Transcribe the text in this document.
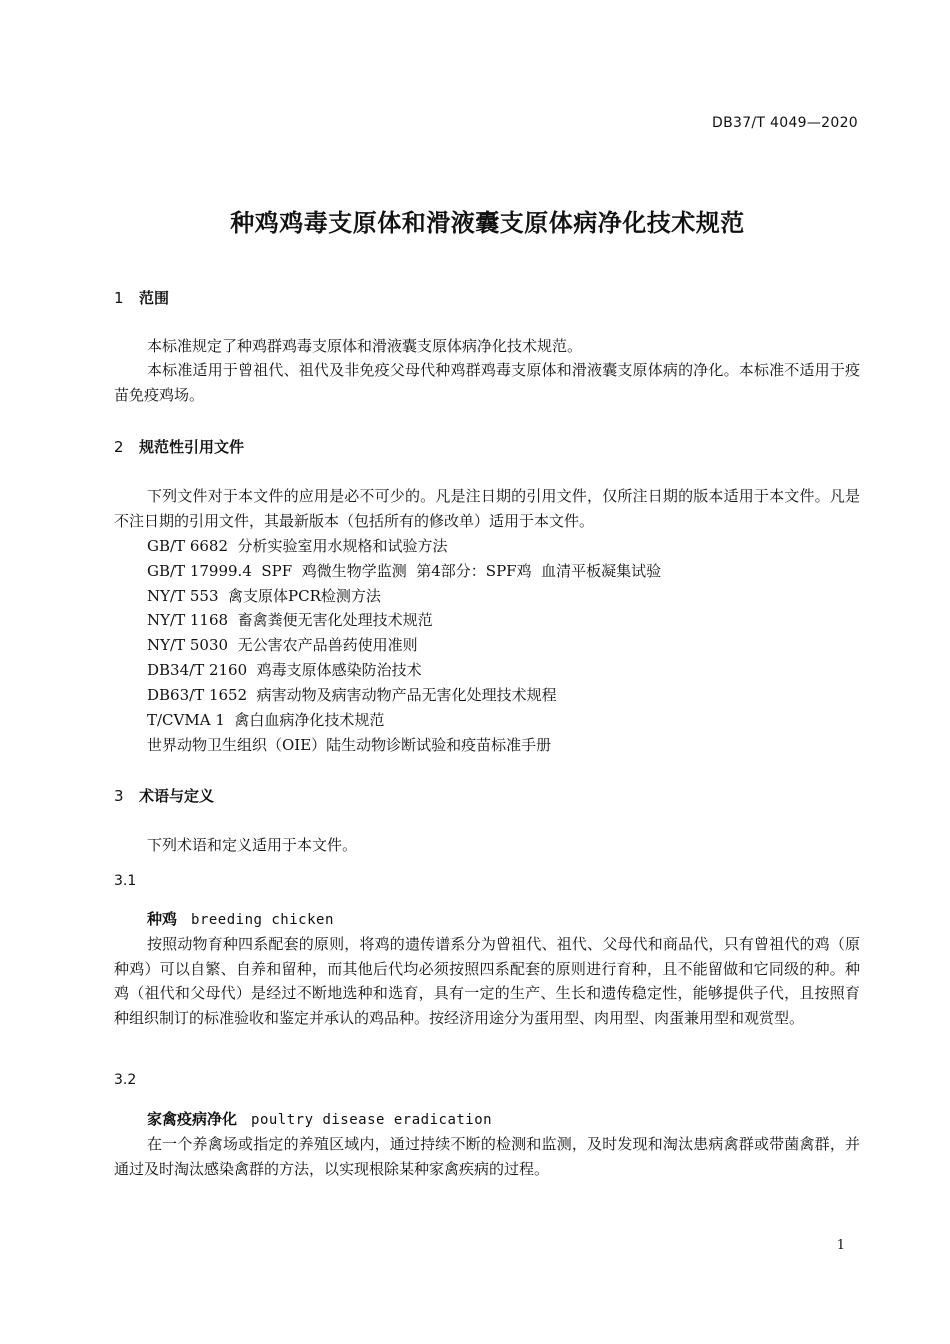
DB37/T 4049—2020
种鸡鸡毒支原体和滑液囊支原体病净化技术规范
1 范围
本标准规定了种鸡群鸡毒支原体和滑液囊支原体病净化技术规范。
本标准适用于曾祖代、祖代及非免疫父母代种鸡群鸡毒支原体和滑液囊支原体病的净化。本标准不适用于疫苗免疫鸡场。
2 规范性引用文件
下列文件对于本文件的应用是必不可少的。凡是注日期的引用文件，仅所注日期的版本适用于本文件。凡是不注日期的引用文件，其最新版本（包括所有的修改单）适用于本文件。
GB/T 6682  分析实验室用水规格和试验方法
GB/T 17999.4  SPF  鸡微生物学监测  第4部分：SPF鸡  血清平板凝集试验
NY/T 553  禽支原体PCR检测方法
NY/T 1168  畜禽粪便无害化处理技术规范
NY/T 5030  无公害农产品兽药使用准则
DB34/T 2160  鸡毒支原体感染防治技术
DB63/T 1652  病害动物及病害动物产品无害化处理技术规程
T/CVMA 1  禽白血病净化技术规范
世界动物卫生组织（OIE）陆生动物诊断试验和疫苗标准手册
3 术语与定义
下列术语和定义适用于本文件。
3.1
种鸡 breeding chicken
按照动物育种四系配套的原则，将鸡的遗传谱系分为曾祖代、祖代、父母代和商品代，只有曾祖代的鸡（原种鸡）可以自繁、自养和留种，而其他后代均必须按照四系配套的原则进行育种，且不能留做和它同级的种。种鸡（祖代和父母代）是经过不断地选种和选育，具有一定的生产、生长和遗传稳定性，能够提供子代，且按照育种组织制订的标准验收和鉴定并承认的鸡品种。按经济用途分为蛋用型、肉用型、肉蛋兼用型和观赏型。
3.2
家禽疫病净化 poultry disease eradication
在一个养禽场或指定的养殖区域内，通过持续不断的检测和监测，及时发现和淘汰患病禽群或带菌禽群，并通过及时淘汰感染禽群的方法，以实现根除某种家禽疾病的过程。
1
